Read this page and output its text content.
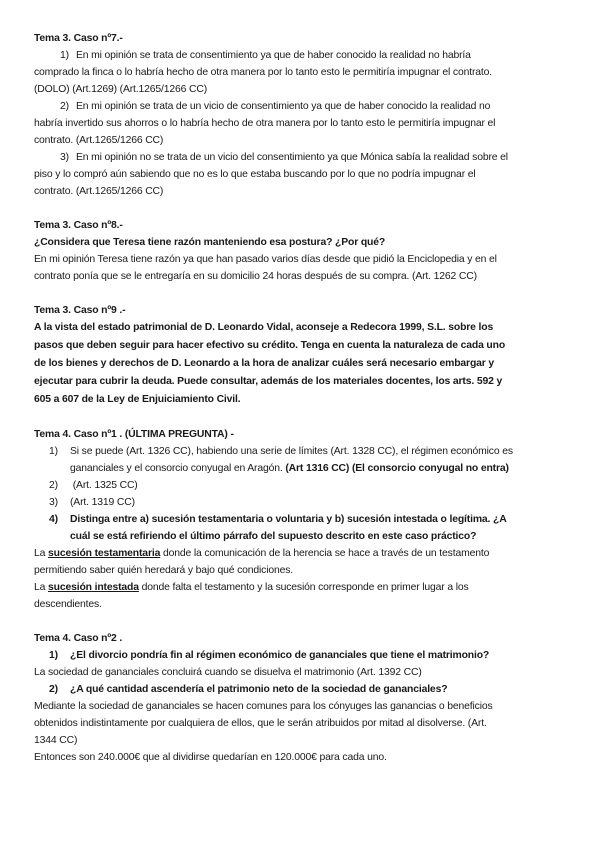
Tema 3. Caso nº7.-

1) En mi opinión se trata de consentimiento ya que de haber conocido la realidad no habría

comprado la finca o lo habría hecho de otra manera por lo tanto esto le permitiría impugnar el contrato.

(DOLO) (Art.1269) (Art.1265/1266 CC)

2) En mi opinión se trata de un vicio de consentimiento ya que de haber conocido la realidad no

habría invertido sus ahorros o lo habría hecho de otra manera por lo tanto esto le permitiría impugnar el

contrato. (Art.1265/1266 CC)

3) En mi opinión no se trata de un vicio del consentimiento ya que Mónica sabía la realidad sobre el

piso y lo compró aún sabiendo que no es lo que estaba buscando por lo que no podría impugnar el

contrato. (Art.1265/1266 CC)

Tema 3. Caso nº8.-

¿Considera que Teresa tiene razón manteniendo esa postura? ¿Por qué?

En mi opinión Teresa tiene razón ya que han pasado varios días desde que pidió la Enciclopedia y en el

contrato ponía que se le entregaría en su domicilio 24 horas después de su compra. (Art. 1262 CC)

Tema 3. Caso nº9 .-

A la vista del estado patrimonial de D. Leonardo Vidal, aconseje a Redecora 1999, S.L. sobre los

pasos que deben seguir para hacer efectivo su crédito. Tenga en cuenta la naturaleza de cada uno

de los bienes y derechos de D. Leonardo a la hora de analizar cuáles será necesario embargar y

ejecutar para cubrir la deuda. Puede consultar, además de los materiales docentes, los arts. 592 y

605 a 607 de la Ley de Enjuiciamiento Civil.

Tema 4. Caso nº1 . (ÚLTIMA PREGUNTA) -

1) Si se puede (Art. 1326 CC), habiendo una serie de límites (Art. 1328 CC), el régimen económico es

gananciales y el consorcio conyugal en Aragón. (Art 1316 CC) (El consorcio conyugal no entra)

2) (Art. 1325 CC)

3) (Art. 1319 CC)

4) Distinga entre a) sucesión testamentaria o voluntaria y b) sucesión intestada o legítima. ¿A

cuál se está refiriendo el último párrafo del supuesto descrito en este caso práctico?

La sucesión testamentaria donde la comunicación de la herencia se hace a través de un testamento

permitiendo saber quién heredará y bajo qué condiciones.

La sucesión intestada donde falta el testamento y la sucesión corresponde en primer lugar a los

descendientes.

Tema 4. Caso nº2 .

1) ¿El divorcio pondría fin al régimen económico de gananciales que tiene el matrimonio?

La sociedad de gananciales concluirá cuando se disuelva el matrimonio (Art. 1392 CC)

2) ¿A qué cantidad ascendería el patrimonio neto de la sociedad de gananciales?

Mediante la sociedad de gananciales se hacen comunes para los cónyuges las ganancias o beneficios

obtenidos indistintamente por cualquiera de ellos, que le serán atribuidos por mitad al disolverse. (Art.

1344 CC)

Entonces son 240.000€ que al dividirse quedarían en 120.000€ para cada uno.
